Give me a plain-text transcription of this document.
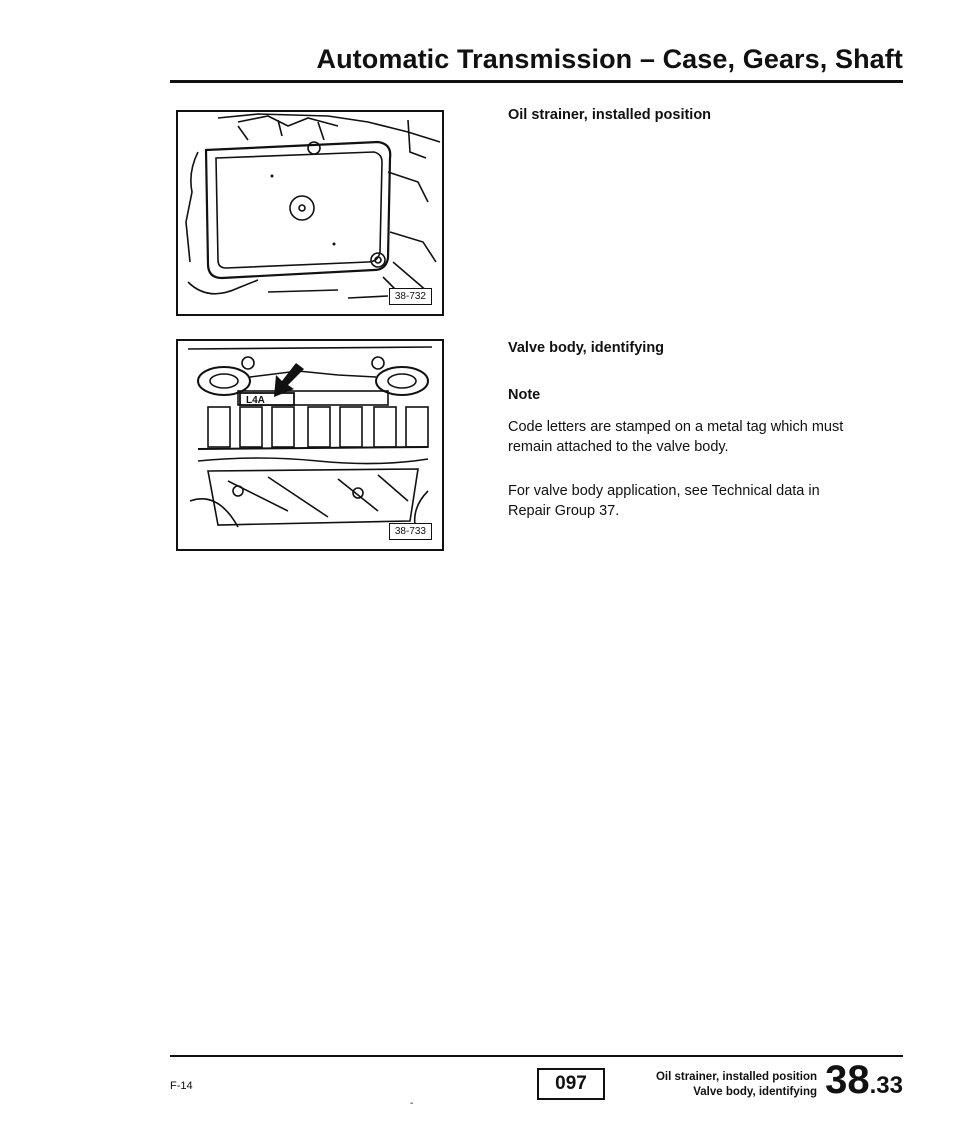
Automatic Transmission – Case, Gears, Shaft
38-732
L4A
38-733
Oil strainer, installed position
Valve body, identifying
Note
Code letters are stamped on a metal tag which must remain attached to the valve body.
For valve body application, see Technical data in Repair Group 37.
F-14
-
097	Oil strainer, installed position
Valve body, identifying 38.33
